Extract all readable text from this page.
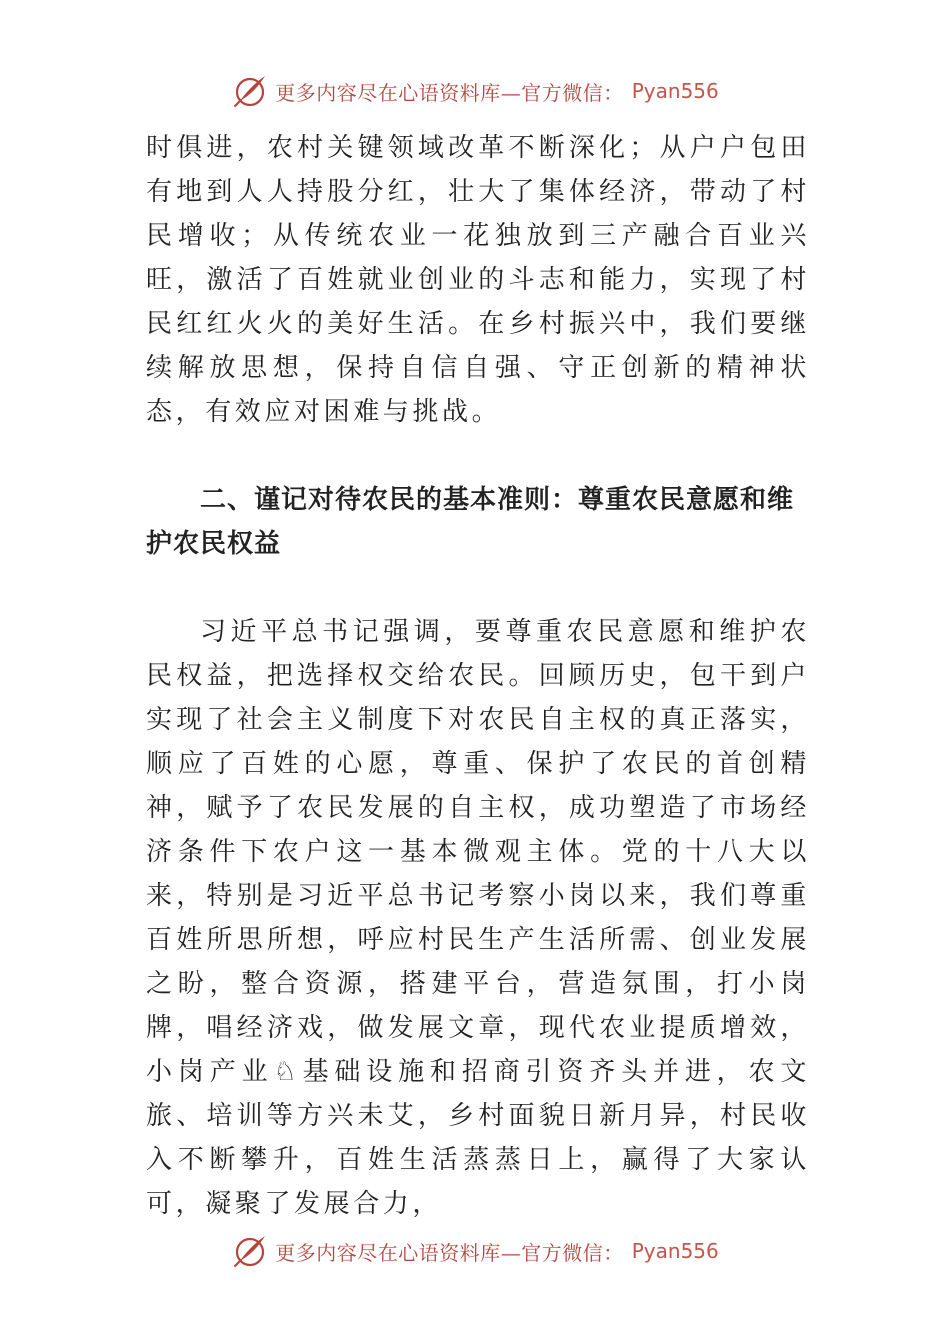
更多内容尽在心语资料库—官方微信： Pyan556

时俱进，农村关键领域改革不断深化；从户户包田有地到人人持股分红，壮大了集体经济，带动了村民增收；从传统农业一花独放到三产融合百业兴旺，激活了百姓就业创业的斗志和能力，实现了村民红红火火的美好生活。在乡村振兴中，我们要继续解放思想，保持自信自强、守正创新的精神状态，有效应对困难与挑战。

二、谨记对待农民的基本准则：尊重农民意愿和维护农民权益

习近平总书记强调，要尊重农民意愿和维护农民权益，把选择权交给农民。回顾历史，包干到户实现了社会主义制度下对农民自主权的真正落实，顺应了百姓的心愿，尊重、保护了农民的首创精神，赋予了农民发展的自主权，成功塑造了市场经济条件下农户这一基本微观主体。党的十八大以来，特别是习近平总书记考察小岗以来，我们尊重百姓所思所想，呼应村民生产生活所需、创业发展之盼，整合资源，搭建平台，营造氛围，打小岗牌，唱经济戏，做发展文章，现代农业提质增效，小岗产业♘基础设施和招商引资齐头并进，农文旅、培训等方兴未艾，乡村面貌日新月异，村民收入不断攀升，百姓生活蒸蒸日上，赢得了大家认可，凝聚了发展合力，

更多内容尽在心语资料库—官方微信： Pyan556
